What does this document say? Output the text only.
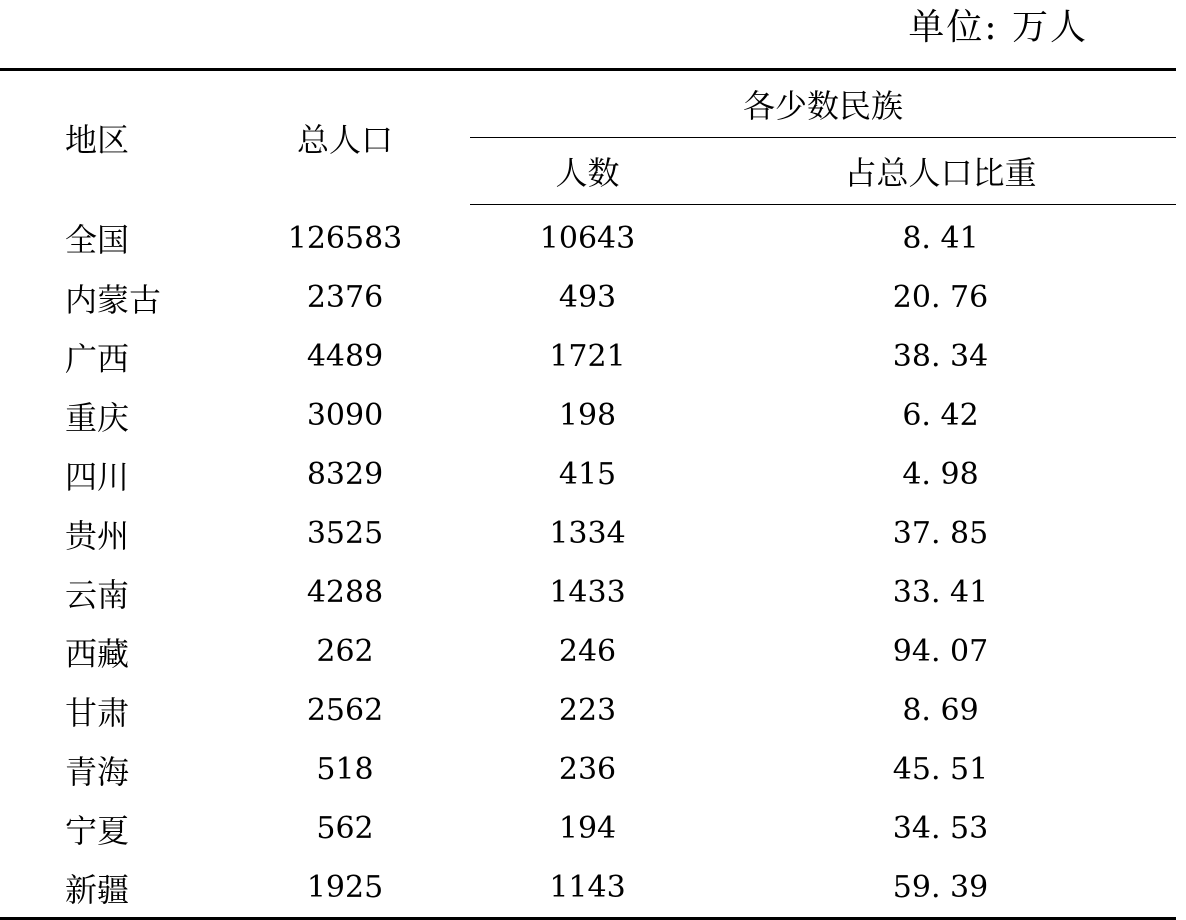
单位: 万人
地区	总人口	各少数民族	
		人数	占总人口比重
全国	126583	10643	8. 41
内蒙古	2376	493	20. 76
广西	4489	1721	38. 34
重庆	3090	198	6. 42
四川	8329	415	4. 98
贵州	3525	1334	37. 85
云南	4288	1433	33. 41
西藏	262	246	94. 07
甘肃	2562	223	8. 69
青海	518	236	45. 51
宁夏	562	194	34. 53
新疆	1925	1143	59. 39
